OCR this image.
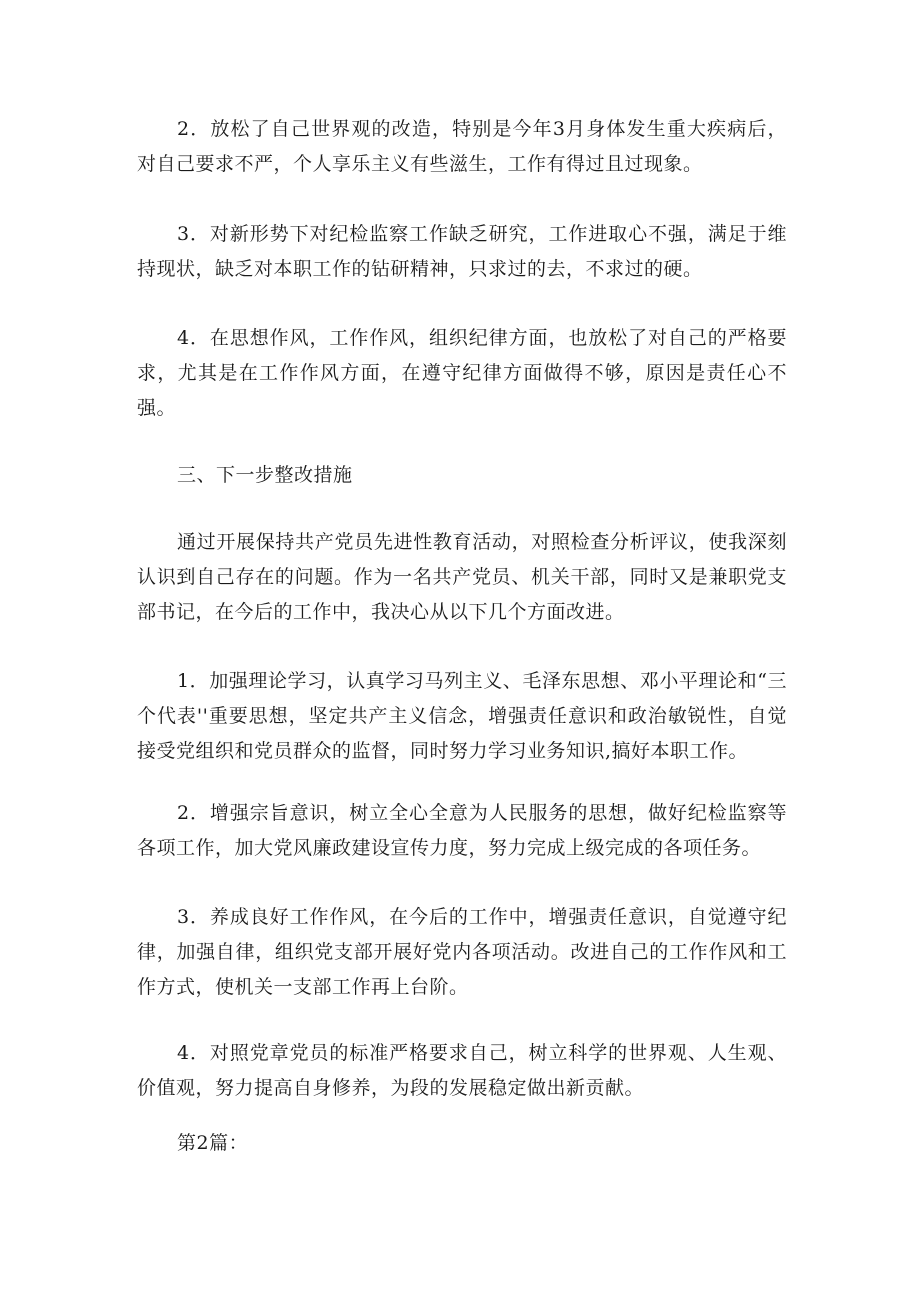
2．放松了自己世界观的改造，特别是今年3月身体发生重大疾病后，对自己要求不严，个人享乐主义有些滋生，工作有得过且过现象。

3．对新形势下对纪检监察工作缺乏研究，工作进取心不强，满足于维持现状，缺乏对本职工作的钻研精神，只求过的去，不求过的硬。

4．在思想作风，工作作风，组织纪律方面，也放松了对自己的严格要求，尤其是在工作作风方面，在遵守纪律方面做得不够，原因是责任心不强。

三、下一步整改措施

通过开展保持共产党员先进性教育活动，对照检查分析评议，使我深刻认识到自己存在的问题。作为一名共产党员、机关干部，同时又是兼职党支部书记，在今后的工作中，我决心从以下几个方面改进。

1．加强理论学习，认真学习马列主义、毛泽东思想、邓小平理论和“三个代表''重要思想，坚定共产主义信念，增强责任意识和政治敏锐性，自觉接受党组织和党员群众的监督，同时努力学习业务知识,搞好本职工作。

2．增强宗旨意识，树立全心全意为人民服务的思想，做好纪检监察等各项工作，加大党风廉政建设宣传力度，努力完成上级完成的各项任务。

3．养成良好工作作风，在今后的工作中，增强责任意识，自觉遵守纪律，加强自律，组织党支部开展好党内各项活动。改进自己的工作作风和工作方式，使机关一支部工作再上台阶。

4．对照党章党员的标准严格要求自己，树立科学的世界观、人生观、价值观，努力提高自身修养，为段的发展稳定做出新贡献。

第2篇：
